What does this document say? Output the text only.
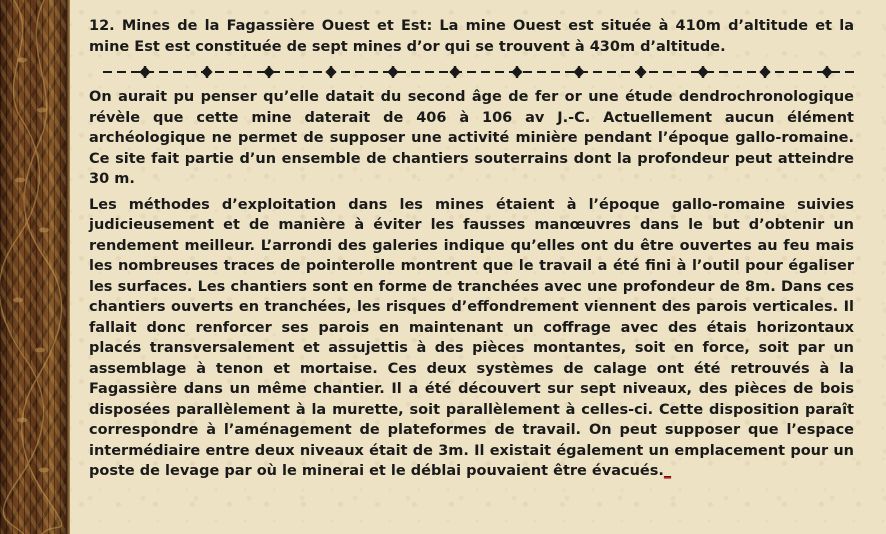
12. Mines de la Fagassière Ouest et Est: La mine Ouest est située à 410m d’altitude et la mine Est est constituée de sept mines d’or qui se trouvent à 430m d’altitude.

On aurait pu penser qu’elle datait du second âge de fer or une étude dendrochronologique révèle que cette mine daterait de 406 à 106 av J.-C. Actuellement aucun élément archéologique ne permet de supposer une activité minière pendant l’époque gallo-romaine. Ce site fait partie d’un ensemble de chantiers souterrains dont la profondeur peut atteindre 30 m.

Les méthodes d’exploitation dans les mines étaient à l’époque gallo-romaine suivies judicieusement et de manière à éviter les fausses manœuvres dans le but d’obtenir un rendement meilleur. L’arrondi des galeries indique qu’elles ont du être ouvertes au feu mais les nombreuses traces de pointerolle montrent que le travail a été fini à l’outil pour égaliser les surfaces. Les chantiers sont en forme de tranchées avec une profondeur de 8m. Dans ces chantiers ouverts en tranchées, les risques d’effondrement viennent des parois verticales. Il fallait donc renforcer ses parois en maintenant un coffrage avec des étais horizontaux placés transversalement et assujettis à des pièces montantes, soit en force, soit par un assemblage à tenon et mortaise. Ces deux systèmes de calage ont été retrouvés à la Fagassière dans un même chantier. Il a été découvert sur sept niveaux, des pièces de bois disposées parallèlement à la murette, soit parallèlement à celles-ci. Cette disposition paraît correspondre à l’aménagement de plateformes de travail. On peut supposer que l’espace intermédiaire entre deux niveaux était de 3m. Il existait également un emplacement pour un poste de levage par où le minerai et le déblai pouvaient être évacués._
